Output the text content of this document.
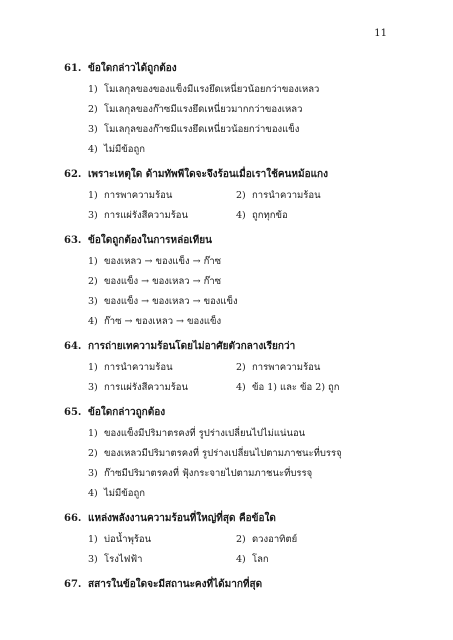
11
61. ข้อใดกล่าวได้ถูกต้อง
1) โมเลกุลของของแข็งมีแรงยึดเหนี่ยวน้อยกว่าของเหลว
2) โมเลกุลของก๊าซมีแรงยึดเหนี่ยวมากกว่าของเหลว
3) โมเลกุลของก๊าซมีแรงยึดเหนี่ยวน้อยกว่าของแข็ง
4) ไม่มีข้อถูก
62. เพราะเหตุใด ด้ามทัพพีใดจะจึงร้อนเมื่อเราใช้คนหม้อแกง
1) การพาความร้อน	2) การนำความร้อน
3) การแผ่รังสีความร้อน	4) ถูกทุกข้อ
63. ข้อใดถูกต้องในการหล่อเทียน
1) ของเหลว → ของแข็ง → ก๊าซ
2) ของแข็ง → ของเหลว → ก๊าซ
3) ของแข็ง → ของเหลว → ของแข็ง
4) ก๊าซ → ของเหลว → ของแข็ง
64. การถ่ายเทความร้อนโดยไม่อาศัยตัวกลางเรียกว่า
1) การนำความร้อน	2) การพาความร้อน
3) การแผ่รังสีความร้อน	4) ข้อ 1) และ ข้อ 2) ถูก
65. ข้อใดกล่าวถูกต้อง
1) ของแข็งมีปริมาตรคงที่ รูปร่างเปลี่ยนไปไม่แน่นอน
2) ของเหลวมีปริมาตรคงที่ รูปร่างเปลี่ยนไปตามภาชนะที่บรรจุ
3) ก๊าซมีปริมาตรคงที่ ฟุ้งกระจายไปตามภาชนะที่บรรจุ
4) ไม่มีข้อถูก
66. แหล่งพลังงานความร้อนที่ใหญ่ที่สุด คือข้อใด
1) บ่อน้ำพุร้อน	2) ดวงอาทิตย์
3) โรงไฟฟ้า	4) โลก
67. สสารในข้อใดจะมีสถานะคงที่ได้มากที่สุด
